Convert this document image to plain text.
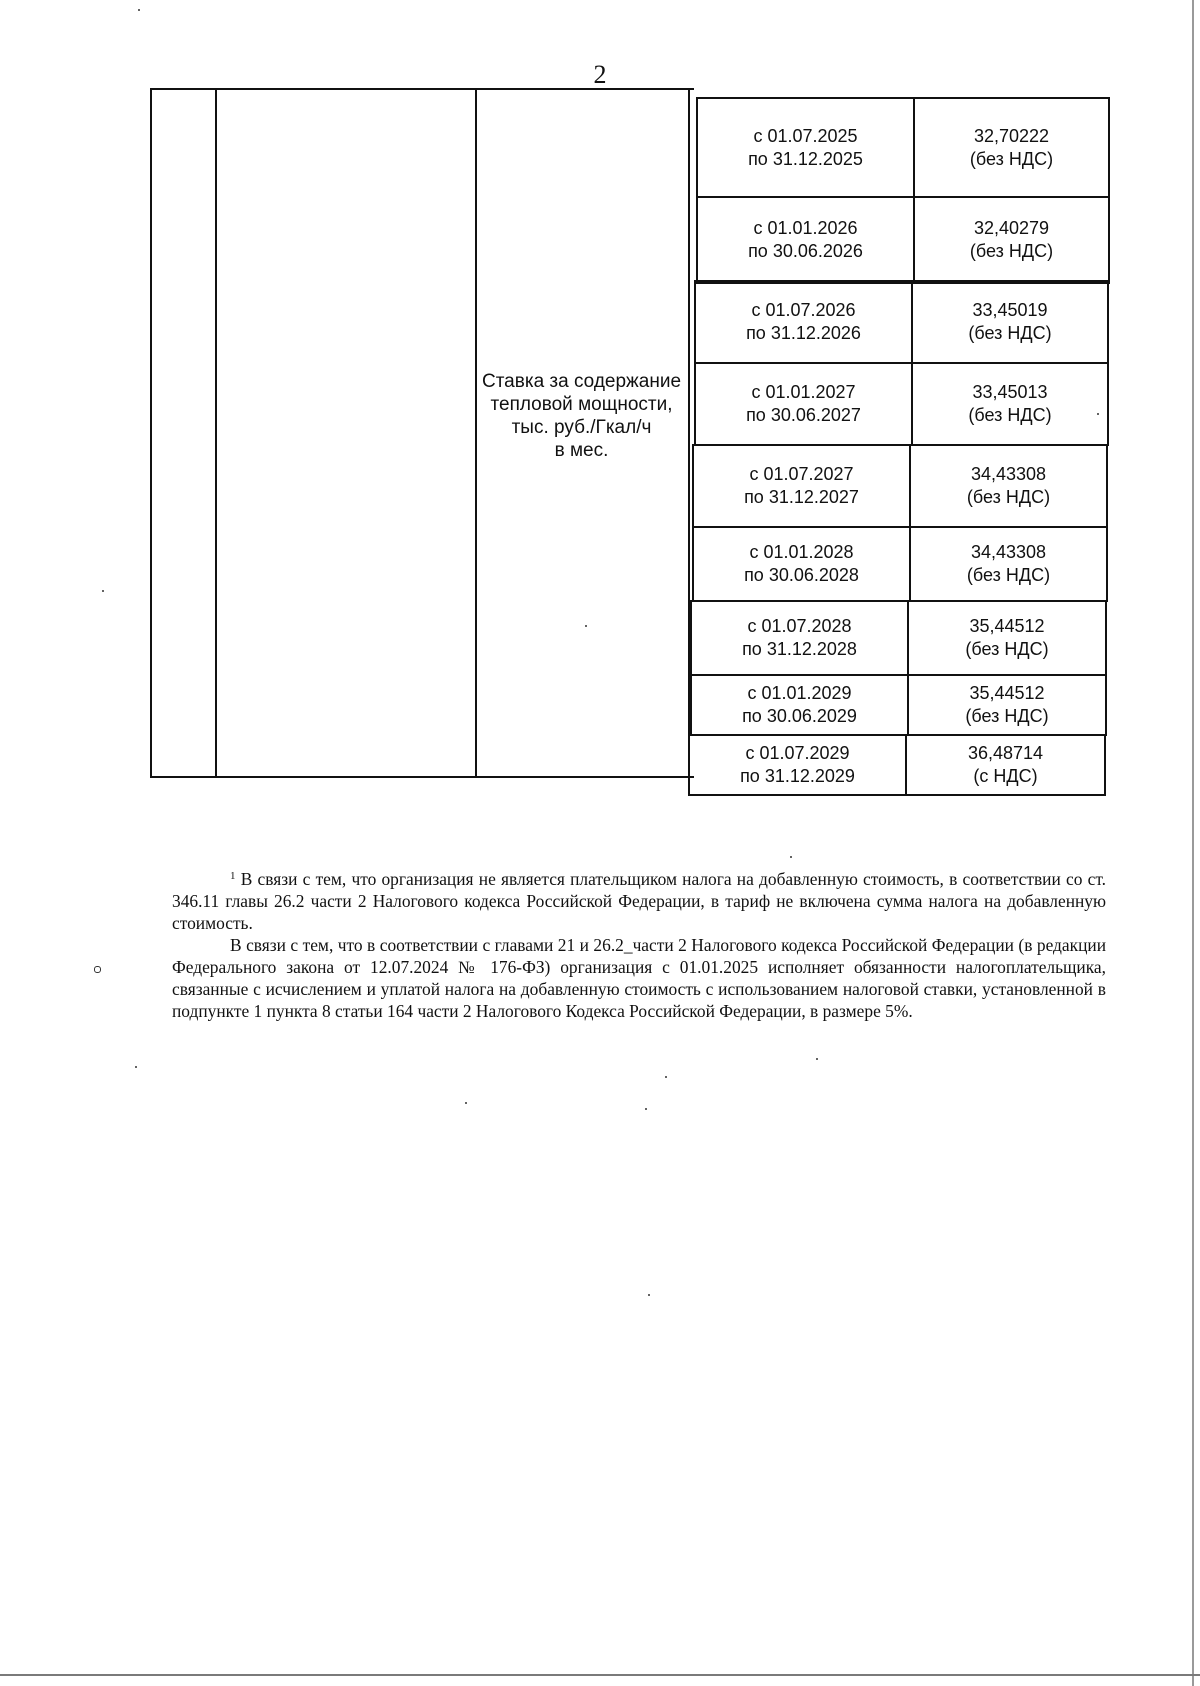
2
Ставка за содержание
тепловой мощности,
тыс. руб./Гкал/ч
в мес.
с 01.07.2025
по 31.12.2025
32,70222
(без НДС)
с 01.01.2026
по 30.06.2026
32,40279
(без НДС)
с 01.07.2026
по 31.12.2026
33,45019
(без НДС)
с 01.01.2027
по 30.06.2027
33,45013
(без НДС)
с 01.07.2027
по 31.12.2027
34,43308
(без НДС)
с 01.01.2028
по 30.06.2028
34,43308
(без НДС)
с 01.07.2028
по 31.12.2028
35,44512
(без НДС)
с 01.01.2029
по 30.06.2029
35,44512
(без НДС)
с 01.07.2029
по 31.12.2029
36,48714
(с НДС)

$^1$ В связи с тем, что организация не является плательщиком налога на добавленную стоимость, в соответствии со ст. 346.11 главы 26.2 части 2 Налогового кодекса Российской Федерации, в тариф не включена сумма налога на добавленную стоимость.

В связи с тем, что в соответствии с главами 21 и 26.2_части 2 Налогового кодекса Российской Федерации (в редакции Федерального закона от 12.07.2024 № 176-ФЗ) организация с 01.01.2025 исполняет обязанности налогоплательщика, связанные с исчислением и уплатой налога на добавленную стоимость с использованием налоговой ставки, установленной в подпункте 1 пункта 8 статьи 164 части 2 Налогового Кодекса Российской Федерации, в размере 5%.
